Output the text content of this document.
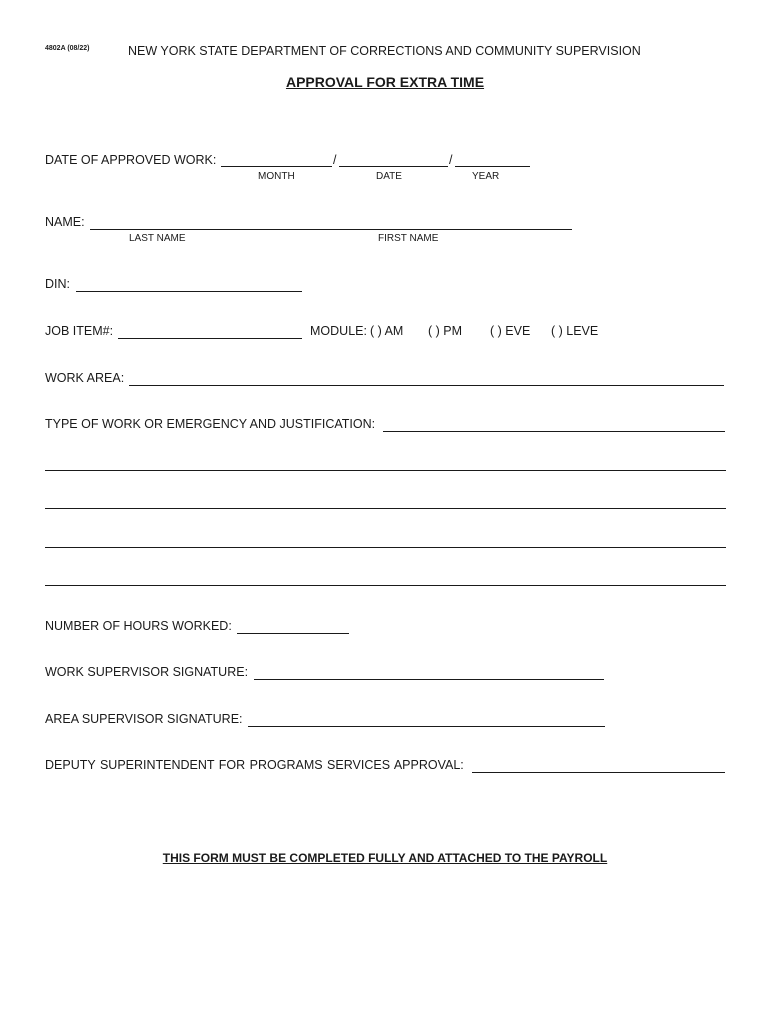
4802A (08/22)	NEW YORK STATE DEPARTMENT OF CORRECTIONS AND COMMUNITY SUPERVISION
APPROVAL FOR EXTRA TIME
DATE OF APPROVED WORK:	/	/
MONTH	DATE	YEAR
NAME:
LAST NAME	FIRST NAME
DIN:
JOB ITEM#:	MODULE: ( ) AM ( ) PM ( ) EVE ( ) LEVE
WORK AREA:
TYPE OF WORK OR EMERGENCY AND JUSTIFICATION:
NUMBER OF HOURS WORKED:
WORK SUPERVISOR SIGNATURE:
AREA SUPERVISOR SIGNATURE:
DEPUTY SUPERINTENDENT FOR PROGRAMS SERVICES APPROVAL:
THIS FORM MUST BE COMPLETED FULLY AND ATTACHED TO THE PAYROLL
